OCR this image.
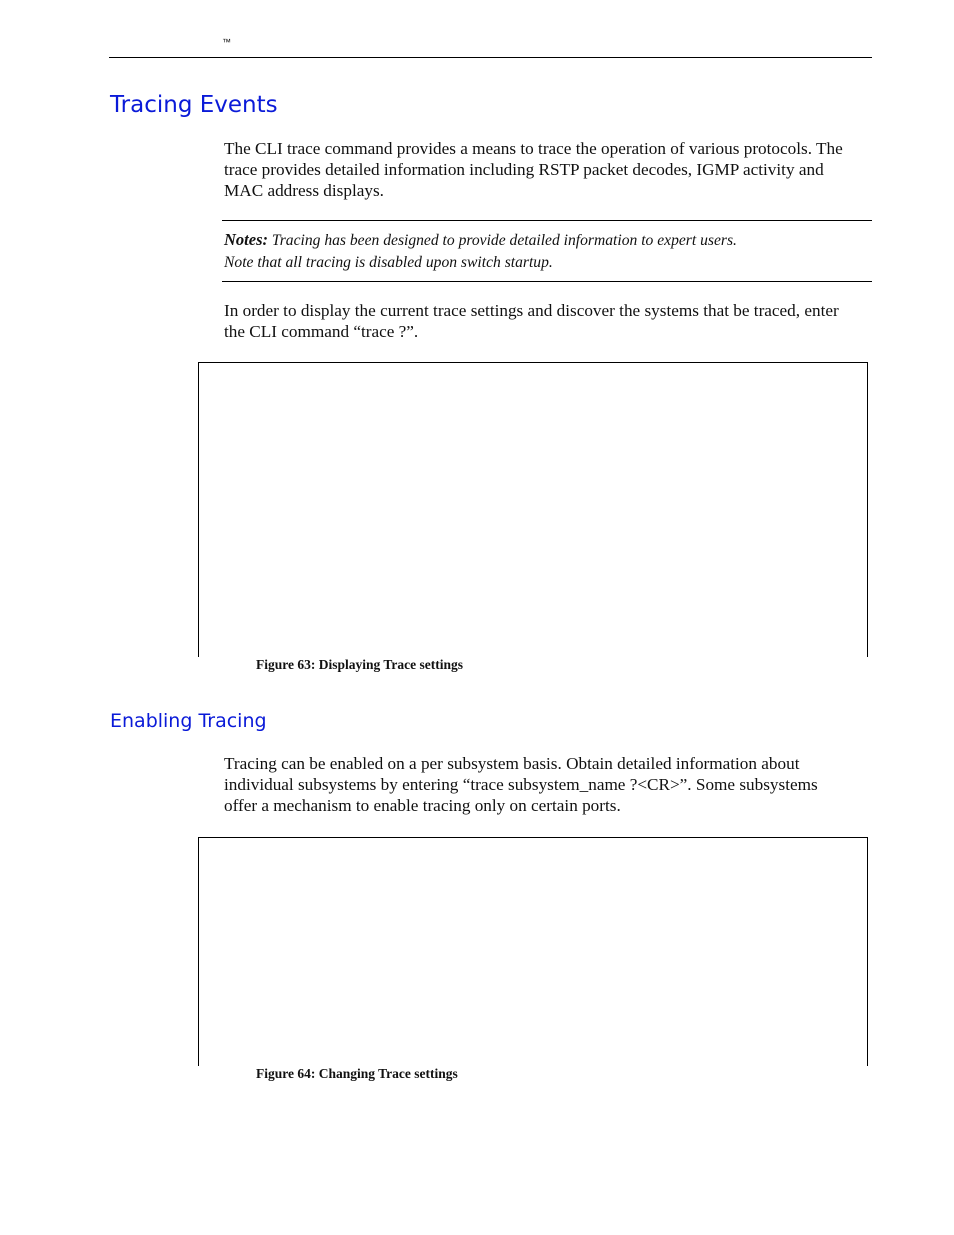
™
Tracing Events

The CLI trace command provides a means to trace the operation of various protocols. The trace provides detailed information including RSTP packet decodes, IGMP activity and MAC address displays.

Notes: Tracing has been designed to provide detailed information to expert users.
Note that all tracing is disabled upon switch startup.

In order to display the current trace settings and discover the systems that be traced, enter the CLI command “trace ?”.

Figure 63: Displaying Trace settings

Enabling Tracing

Tracing can be enabled on a per subsystem basis. Obtain detailed information about individual subsystems by entering “trace subsystem_name ?<CR>”. Some subsystems offer a mechanism to enable tracing only on certain ports.

Figure 64: Changing Trace settings
